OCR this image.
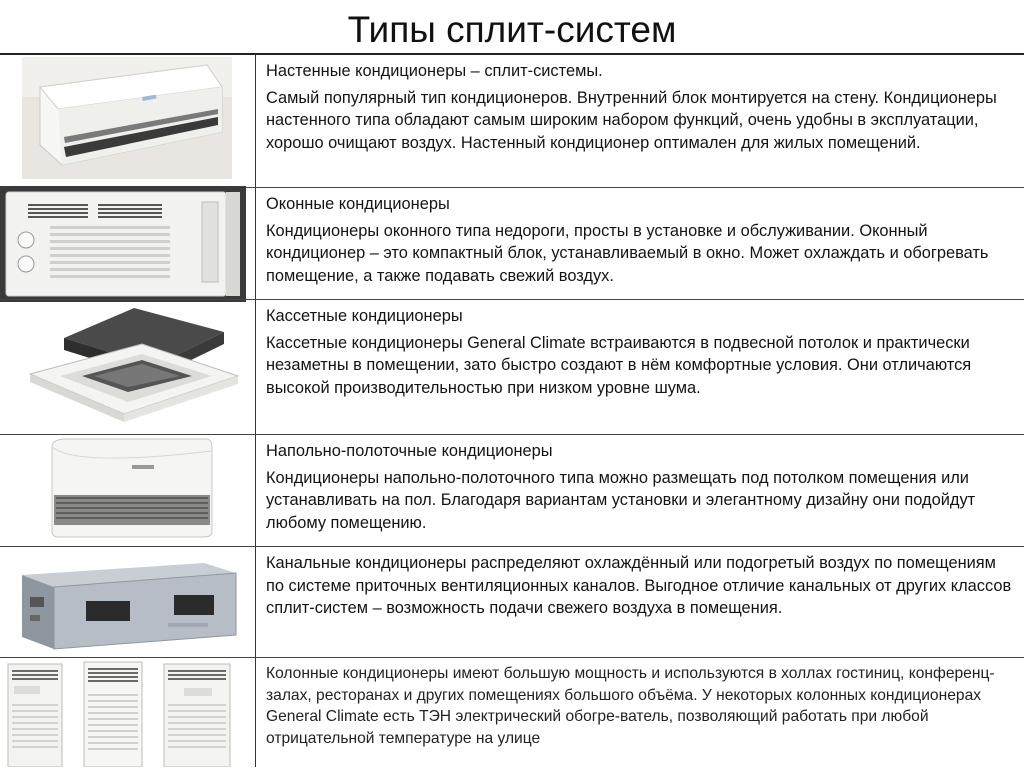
Типы сплит-систем

Настенные кондиционеры – сплит-системы.

Самый популярный тип кондиционеров. Внутренний блок монтируется на стену. Кондиционеры настенного типа обладают самым широким набором функций, очень удобны в эксплуатации, хорошо очищают воздух. Настенный кондиционер оптимален для жилых помещений.

Оконные кондиционеры

Кондиционеры оконного типа недороги, просты в установке и обслуживании. Оконный кондиционер – это компактный блок, устанавливаемый в окно. Может охлаждать и обогревать помещение, а также подавать свежий воздух.

Кассетные кондиционеры

Кассетные кондиционеры General Climate встраиваются в подвесной потолок и практически незаметны в помещении, зато быстро создают в нём комфортные условия. Они отличаются высокой производительностью при низком уровне шума.

Напольно-полоточные кондиционеры

Кондиционеры напольно-полоточного типа можно размещать под потолком помещения или устанавливать на пол. Благодаря вариантам установки и элегантному дизайну они подойдут любому помещению.

Канальные кондиционеры распределяют охлаждённый или подогретый воздух по помещениям по системе приточных вентиляционных каналов. Выгодное отличие канальных от других классов сплит-систем – возможность подачи свежего воздуха в помещения.

Колонные кондиционеры имеют большую мощность и используются в холлах гостиниц, конференц-залах, ресторанах и других помещениях большого объёма. У некоторых колонных кондиционерах General Climate есть ТЭН электрический обогре-ватель, позволяющий работать при любой отрицательной температуре на улице
